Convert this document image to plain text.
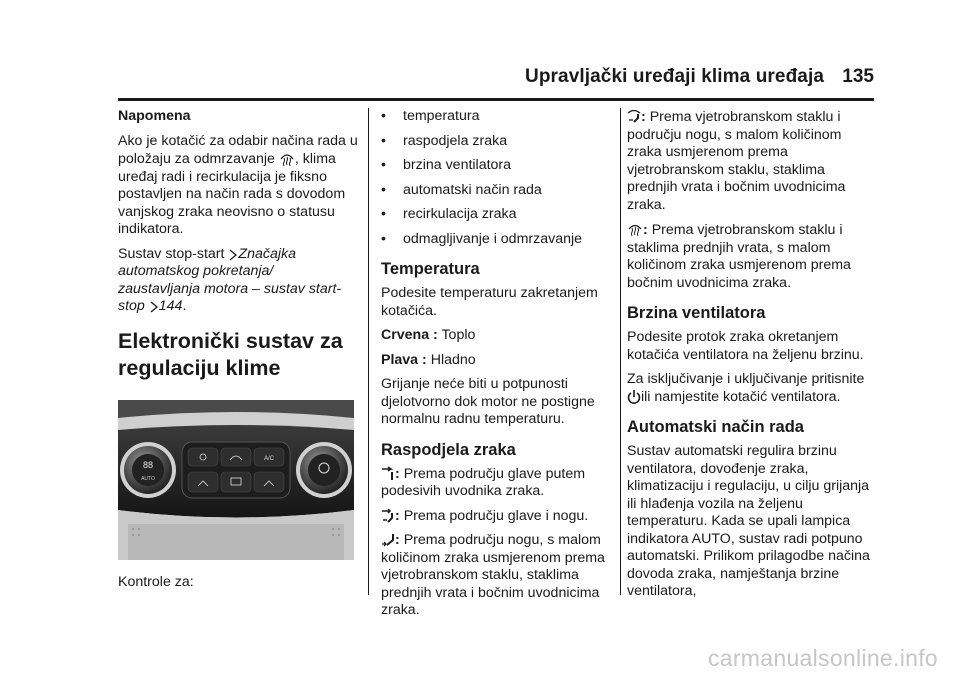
Upravljački uređaji klima uređaja 135

Napomena

Ako je kotačić za odabir načina rada u položaju za odmrzavanje , klima uređaj radi i recirkulacija je fiksno postavljen na način rada s dovodom vanjskog zraka neovisno o statusu indikatora.

Sustav stop-start Značajka automatskog pokretanja/ zaustavljanja motora – sustav start-stop 144.

Elektronički sustav za regulaciju klime
88
AUTO
A/C

Kontrole za:

• temperatura
• raspodjela zraka
• brzina ventilatora
• automatski način rada
• recirkulacija zraka
• odmagljivanje i odmrzavanje
Temperatura

Podesite temperaturu zakretanjem kotačića.

Crvena : Toplo

Plava : Hladno

Grijanje neće biti u potpunosti djelotvorno dok motor ne postigne normalnu radnu temperaturu.

Raspodjela zraka

: Prema području glave putem podesivih uvodnika zraka.

: Prema području glave i nogu.

: Prema području nogu, s malom količinom zraka usmjerenom prema vjetrobranskom staklu, staklima prednjih vrata i bočnim uvodnicima zraka.

: Prema vjetrobranskom staklu i području nogu, s malom količinom zraka usmjerenom prema vjetrobranskom staklu, staklima prednjih vrata i bočnim uvodnicima zraka.

: Prema vjetrobranskom staklu i staklima prednjih vrata, s malom količinom zraka usmjerenom prema bočnim uvodnicima zraka.

Brzina ventilatora

Podesite protok zraka okretanjem kotačića ventilatora na željenu brzinu.

Za isključivanje i uključivanje pritisnite ili namjestite kotačić ventilatora.

Automatski način rada

Sustav automatski regulira brzinu ventilatora, dovođenje zraka, klimatizaciju i regulaciju, u cilju grijanja ili hlađenja vozila na željenu temperaturu. Kada se upali lampica indikatora AUTO, sustav radi potpuno automatski. Prilikom prilagodbe načina dovoda zraka, namještanja brzine ventilatora,

carmanualsonline.info
